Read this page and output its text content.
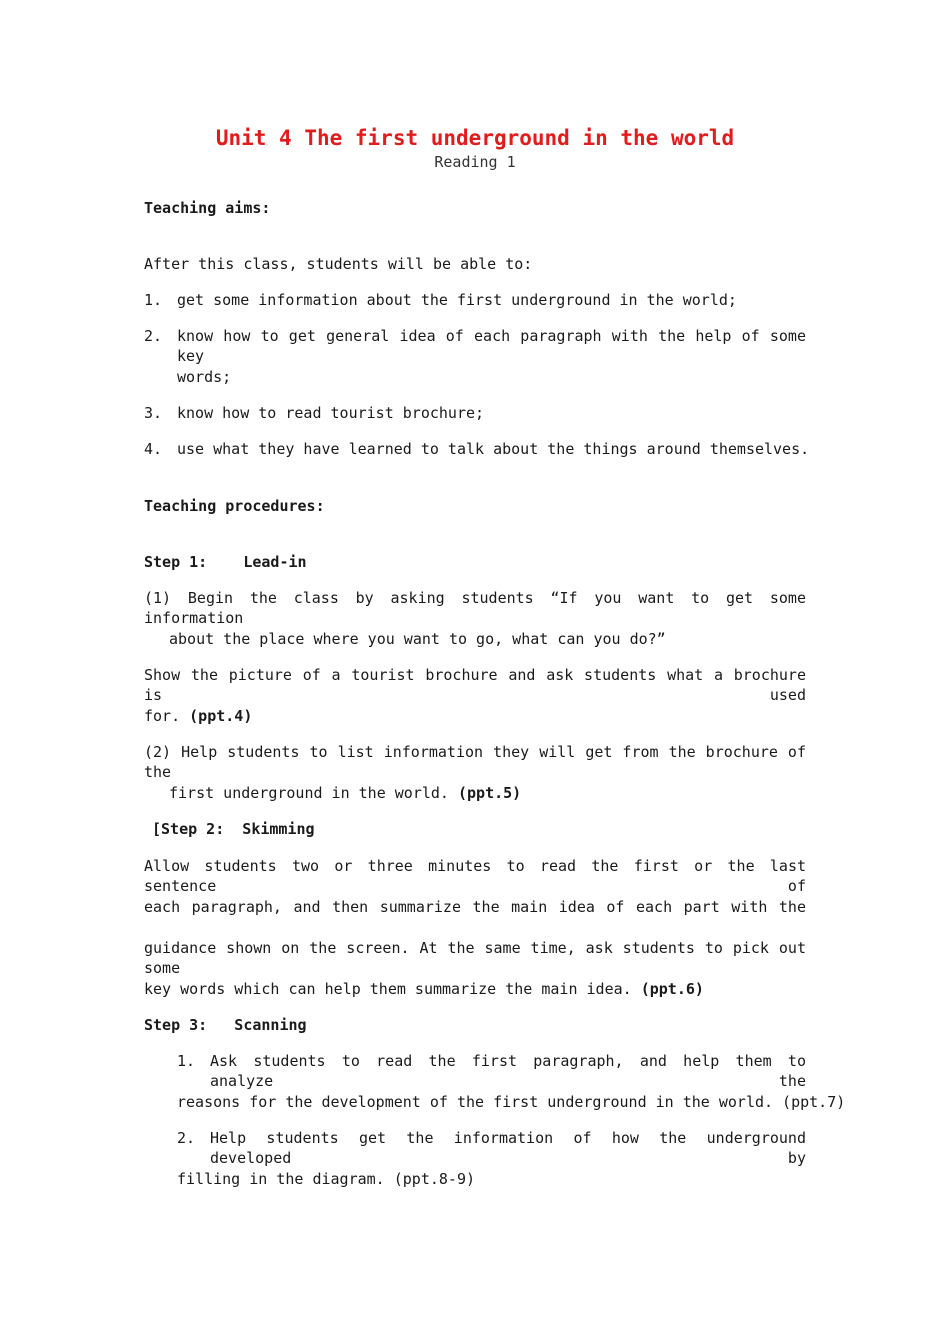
Unit 4 The first underground in the world
Reading 1
Teaching aims:
After this class, students will be able to:
1. get some information about the first underground in the world;
2. know how to get general idea of each paragraph with the help of some key
words;
3. know how to read tourist brochure;
4. use what they have learned to talk about the things around themselves.
Teaching procedures:
Step 1:    Lead-in
(1) Begin the class by asking students “If you want to get some information
about the place where you want to go, what can you do?”
Show the picture of a tourist brochure and ask students what a brochure is used
for. (ppt.4)
(2) Help students to list information they will get from the brochure of the
first underground in the world. (ppt.5)
[Step 2:  Skimming
Allow students two or three minutes to read the first or the last sentence of
each paragraph, and then summarize the main idea of each part with the
guidance shown on the screen. At the same time, ask students to pick out some
key words which can help them summarize the main idea. (ppt.6)
Step 3:   Scanning
1. Ask students to read the first paragraph, and help them to analyze the
reasons for the development of the first underground in the world. (ppt.7)
2. Help students get the information of how the underground developed by
filling in the diagram. (ppt.8-9)
